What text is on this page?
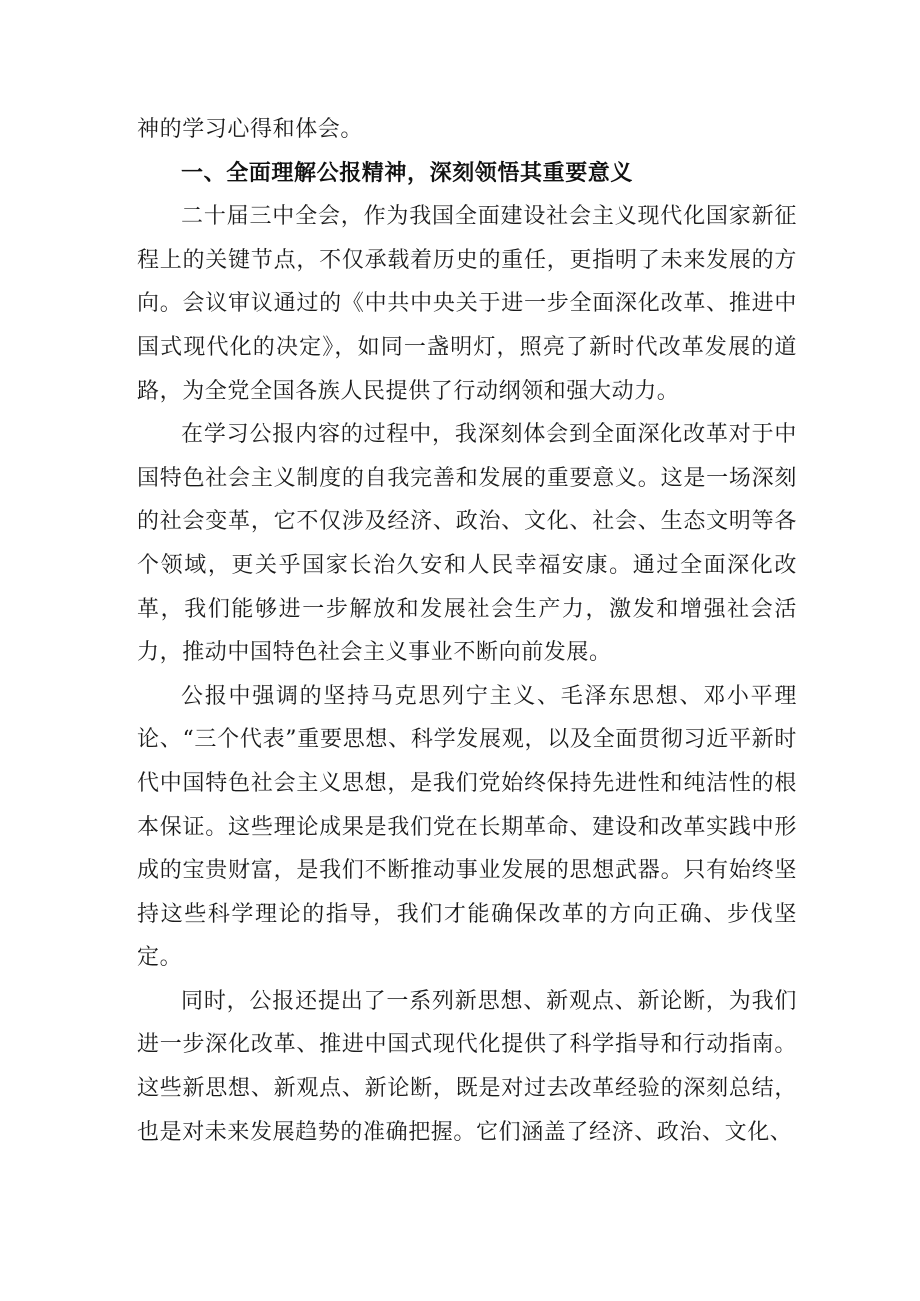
神的学习心得和体会。

一、全面理解公报精神，深刻领悟其重要意义

二十届三中全会，作为我国全面建设社会主义现代化国家新征程上的关键节点，不仅承载着历史的重任，更指明了未来发展的方向。会议审议通过的《中共中央关于进一步全面深化改革、推进中国式现代化的决定》，如同一盏明灯，照亮了新时代改革发展的道路，为全党全国各族人民提供了行动纲领和强大动力。

在学习公报内容的过程中，我深刻体会到全面深化改革对于中国特色社会主义制度的自我完善和发展的重要意义。这是一场深刻的社会变革，它不仅涉及经济、政治、文化、社会、生态文明等各个领域，更关乎国家长治久安和人民幸福安康。通过全面深化改革，我们能够进一步解放和发展社会生产力，激发和增强社会活力，推动中国特色社会主义事业不断向前发展。

公报中强调的坚持马克思列宁主义、毛泽东思想、邓小平理论、“三个代表”重要思想、科学发展观，以及全面贯彻习近平新时代中国特色社会主义思想，是我们党始终保持先进性和纯洁性的根本保证。这些理论成果是我们党在长期革命、建设和改革实践中形成的宝贵财富，是我们不断推动事业发展的思想武器。只有始终坚持这些科学理论的指导，我们才能确保改革的方向正确、步伐坚定。

同时，公报还提出了一系列新思想、新观点、新论断，为我们进一步深化改革、推进中国式现代化提供了科学指导和行动指南。这些新思想、新观点、新论断，既是对过去改革经验的深刻总结，也是对未来发展趋势的准确把握。它们涵盖了经济、政治、文化、
